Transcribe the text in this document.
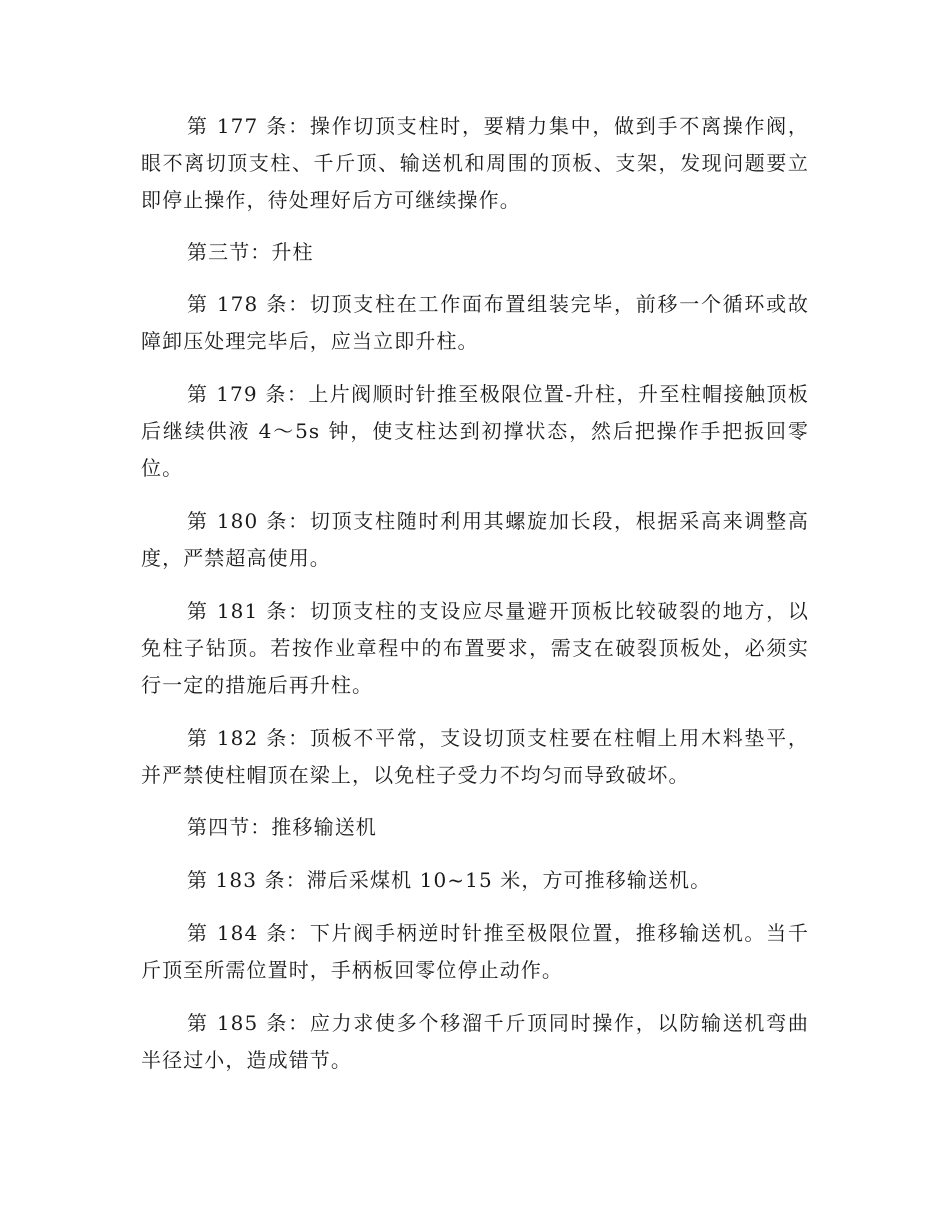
第 177 条：操作切顶支柱时，要精力集中，做到手不离操作阀，眼不离切顶支柱、千斤顶、输送机和周围的顶板、支架，发现问题要立即停止操作，待处理好后方可继续操作。

第三节：升柱

第 178 条：切顶支柱在工作面布置组装完毕，前移一个循环或故障卸压处理完毕后，应当立即升柱。

第 179 条：上片阀顺时针推至极限位置-升柱，升至柱帽接触顶板后继续供液 4～5s 钟，使支柱达到初撑状态，然后把操作手把扳回零位。

第 180 条：切顶支柱随时利用其螺旋加长段，根据采高来调整高度，严禁超高使用。

第 181 条：切顶支柱的支设应尽量避开顶板比较破裂的地方，以免柱子钻顶。若按作业章程中的布置要求，需支在破裂顶板处，必须实行一定的措施后再升柱。

第 182 条：顶板不平常，支设切顶支柱要在柱帽上用木料垫平，并严禁使柱帽顶在梁上，以免柱子受力不均匀而导致破坏。

第四节：推移输送机

第 183 条：滞后采煤机 10~15 米，方可推移输送机。

第 184 条：下片阀手柄逆时针推至极限位置，推移输送机。当千斤顶至所需位置时，手柄板回零位停止动作。

第 185 条：应力求使多个移溜千斤顶同时操作，以防输送机弯曲半径过小，造成错节。
